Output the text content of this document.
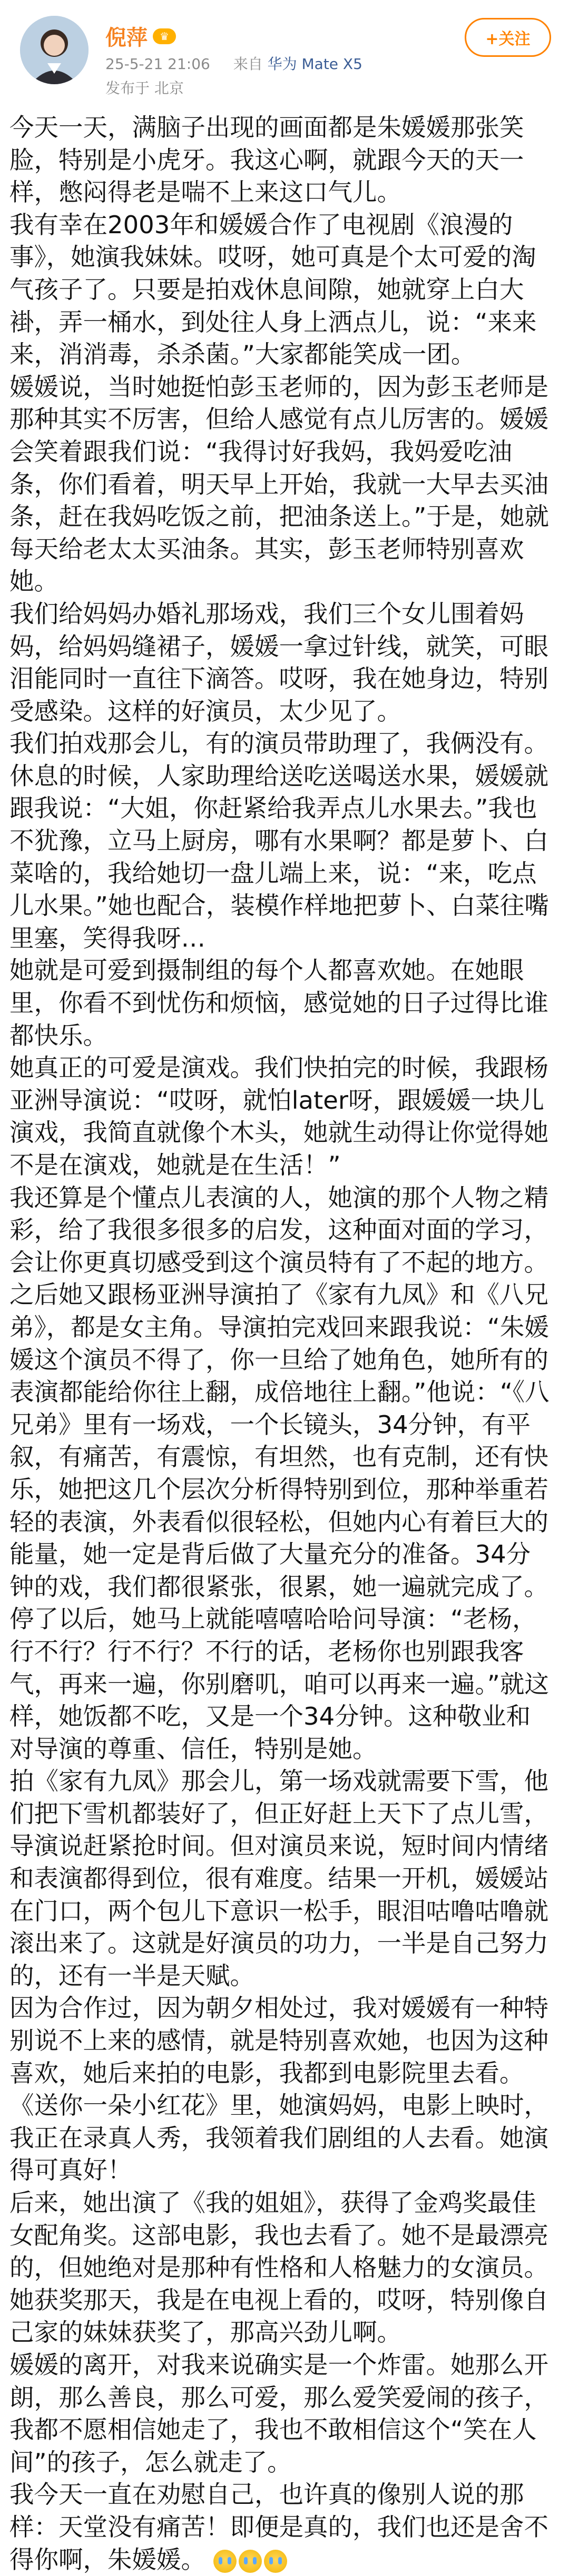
倪萍	♛
25-5-21 21:06 来自 华为 Mate X5
发布于 北京
+关注

今天一天，满脑子出现的画面都是朱媛媛那张笑脸，特别是小虎牙。我这心啊，就跟今天的天一样，憋闷得老是喘不上来这口气儿。

我有幸在2003年和媛媛合作了电视剧《浪漫的事》，她演我妹妹。哎呀，她可真是个太可爱的淘气孩子了。只要是拍戏休息间隙，她就穿上白大褂，弄一桶水，到处往人身上洒点儿，说：“来来来，消消毒，杀杀菌。”大家都能笑成一团。

媛媛说，当时她挺怕彭玉老师的，因为彭玉老师是那种其实不厉害，但给人感觉有点儿厉害的。媛媛会笑着跟我们说：“我得讨好我妈，我妈爱吃油条，你们看着，明天早上开始，我就一大早去买油条，赶在我妈吃饭之前，把油条送上。”于是，她就每天给老太太买油条。其实，彭玉老师特别喜欢她。

我们给妈妈办婚礼那场戏，我们三个女儿围着妈妈，给妈妈缝裙子，媛媛一拿过针线，就笑，可眼泪能同时一直往下滴答。哎呀，我在她身边，特别受感染。这样的好演员，太少见了。

我们拍戏那会儿，有的演员带助理了，我俩没有。休息的时候，人家助理给送吃送喝送水果，媛媛就跟我说：“大姐，你赶紧给我弄点儿水果去。”我也不犹豫，立马上厨房，哪有水果啊？都是萝卜、白菜啥的，我给她切一盘儿端上来，说：“来，吃点儿水果。”她也配合，装模作样地把萝卜、白菜往嘴里塞，笑得我呀…

她就是可爱到摄制组的每个人都喜欢她。在她眼里，你看不到忧伤和烦恼，感觉她的日子过得比谁都快乐。

她真正的可爱是演戏。我们快拍完的时候，我跟杨亚洲导演说：“哎呀，就怕later呀，跟媛媛一块儿演戏，我简直就像个木头，她就生动得让你觉得她不是在演戏，她就是在生活！”

我还算是个懂点儿表演的人，她演的那个人物之精彩，给了我很多很多的启发，这种面对面的学习，会让你更真切感受到这个演员特有了不起的地方。

之后她又跟杨亚洲导演拍了《家有九凤》和《八兄弟》，都是女主角。导演拍完戏回来跟我说：“朱媛媛这个演员不得了，你一旦给了她角色，她所有的表演都能给你往上翻，成倍地往上翻。”他说：“《八兄弟》里有一场戏，一个长镜头，34分钟，有平叙，有痛苦，有震惊，有坦然，也有克制，还有快乐，她把这几个层次分析得特别到位，那种举重若轻的表演，外表看似很轻松，但她内心有着巨大的能量，她一定是背后做了大量充分的准备。34分钟的戏，我们都很紧张，很累，她一遍就完成了。停了以后，她马上就能嘻嘻哈哈问导演：“老杨，行不行？行不行？不行的话，老杨你也别跟我客气，再来一遍，你别磨叽，咱可以再来一遍。”就这样，她饭都不吃，又是一个34分钟。这种敬业和对导演的尊重、信任，特别是她。

拍《家有九凤》那会儿，第一场戏就需要下雪，他们把下雪机都装好了，但正好赶上天下了点儿雪，导演说赶紧抢时间。但对演员来说，短时间内情绪和表演都得到位，很有难度。结果一开机，媛媛站在门口，两个包儿下意识一松手，眼泪咕噜咕噜就滚出来了。这就是好演员的功力，一半是自己努力的，还有一半是天赋。

因为合作过，因为朝夕相处过，我对媛媛有一种特别说不上来的感情，就是特别喜欢她，也因为这种喜欢，她后来拍的电影，我都到电影院里去看。《送你一朵小红花》里，她演妈妈，电影上映时，我正在录真人秀，我领着我们剧组的人去看。她演得可真好！

后来，她出演了《我的姐姐》，获得了金鸡奖最佳女配角奖。这部电影，我也去看了。她不是最漂亮的，但她绝对是那种有性格和人格魅力的女演员。她获奖那天，我是在电视上看的，哎呀，特别像自己家的妹妹获奖了，那高兴劲儿啊。

媛媛的离开，对我来说确实是一个炸雷。她那么开朗，那么善良，那么可爱，那么爱笑爱闹的孩子，我都不愿相信她走了，我也不敢相信这个“笑在人间”的孩子，怎么就走了。

我今天一直在劝慰自己，也许真的像别人说的那样：天堂没有痛苦！即便是真的，我们也还是舍不得你啊，朱媛媛。
